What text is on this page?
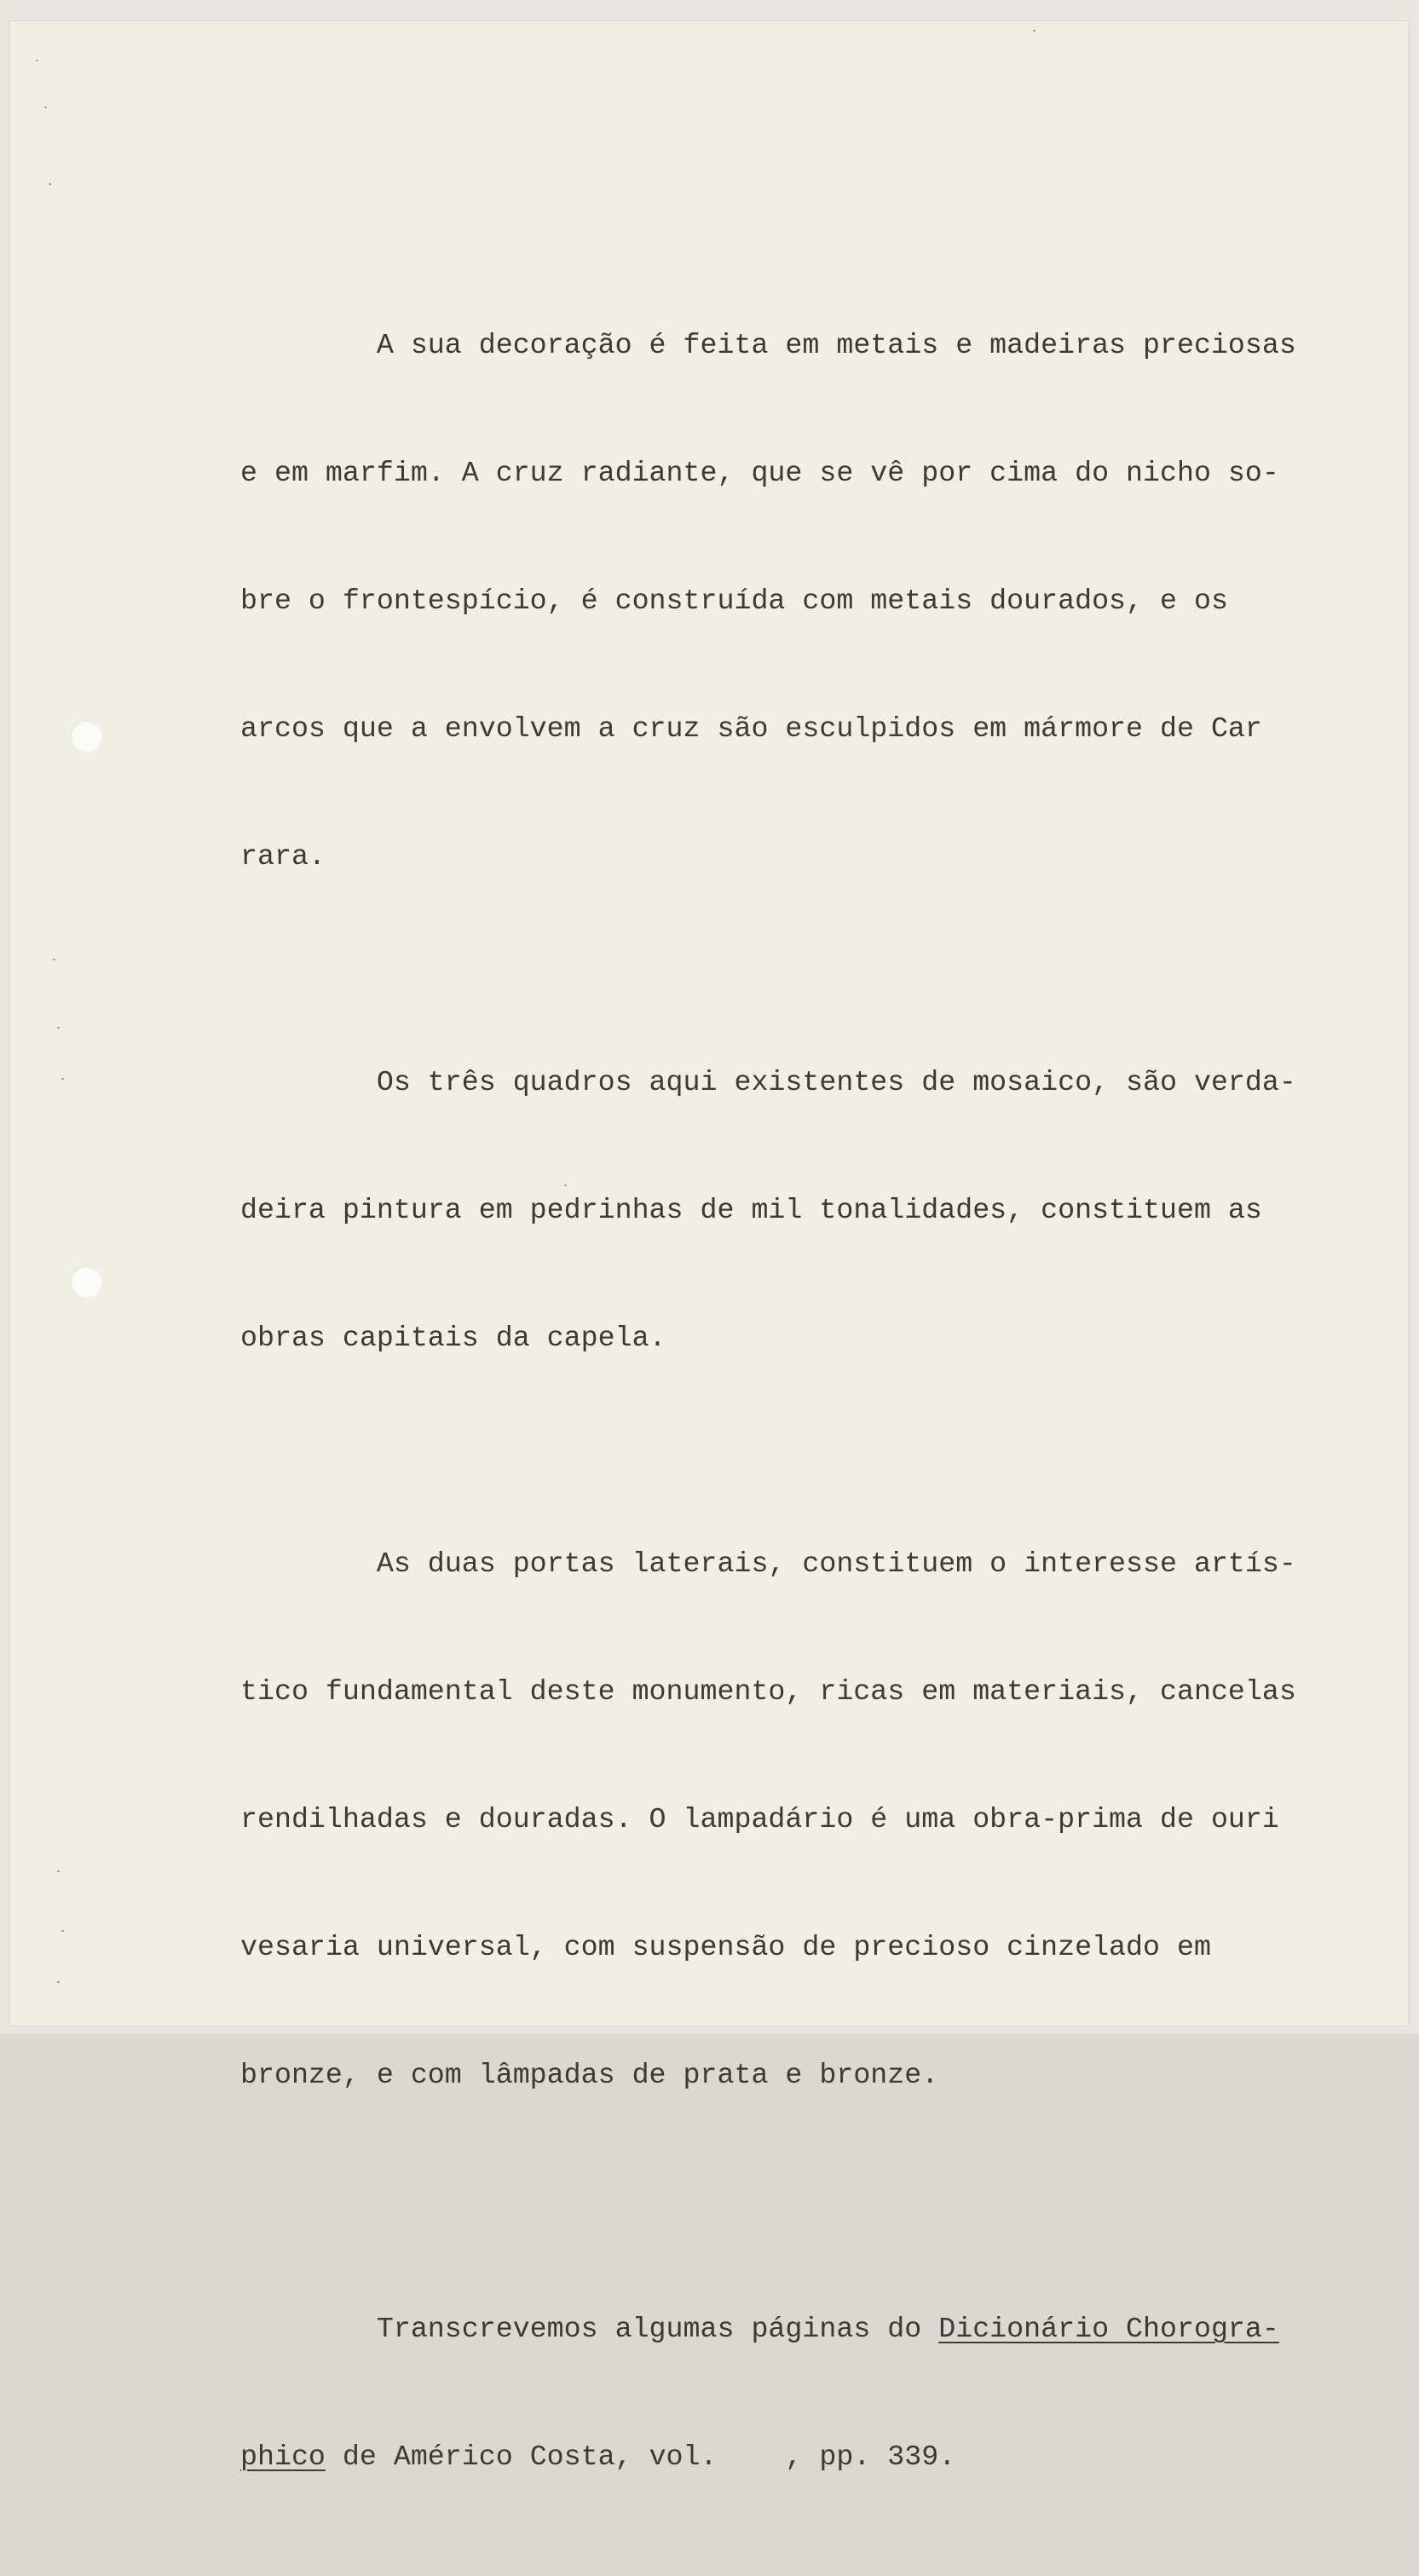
A sua decoração é feita em metais e madeiras preciosas

e em marfim. A cruz radiante, que se vê por cima do nicho so-

bre o frontespício, é construída com metais dourados, e os

arcos que a envolvem a cruz são esculpidos em mármore de Car

rara.

Os três quadros aqui existentes de mosaico, são verda-

deira pintura em pedrinhas de mil tonalidades, constituem as

obras capitais da capela.

As duas portas laterais, constituem o interesse artís-

tico fundamental deste monumento, ricas em materiais, cancelas

rendilhadas e douradas. O lampadário é uma obra-prima de ouri

vesaria universal, com suspensão de precioso cinzelado em

bronze, e com lâmpadas de prata e bronze.

Transcrevemos algumas páginas do Dicionário Chorogra-

phico de Américo Costa, vol.    , pp. 339.
